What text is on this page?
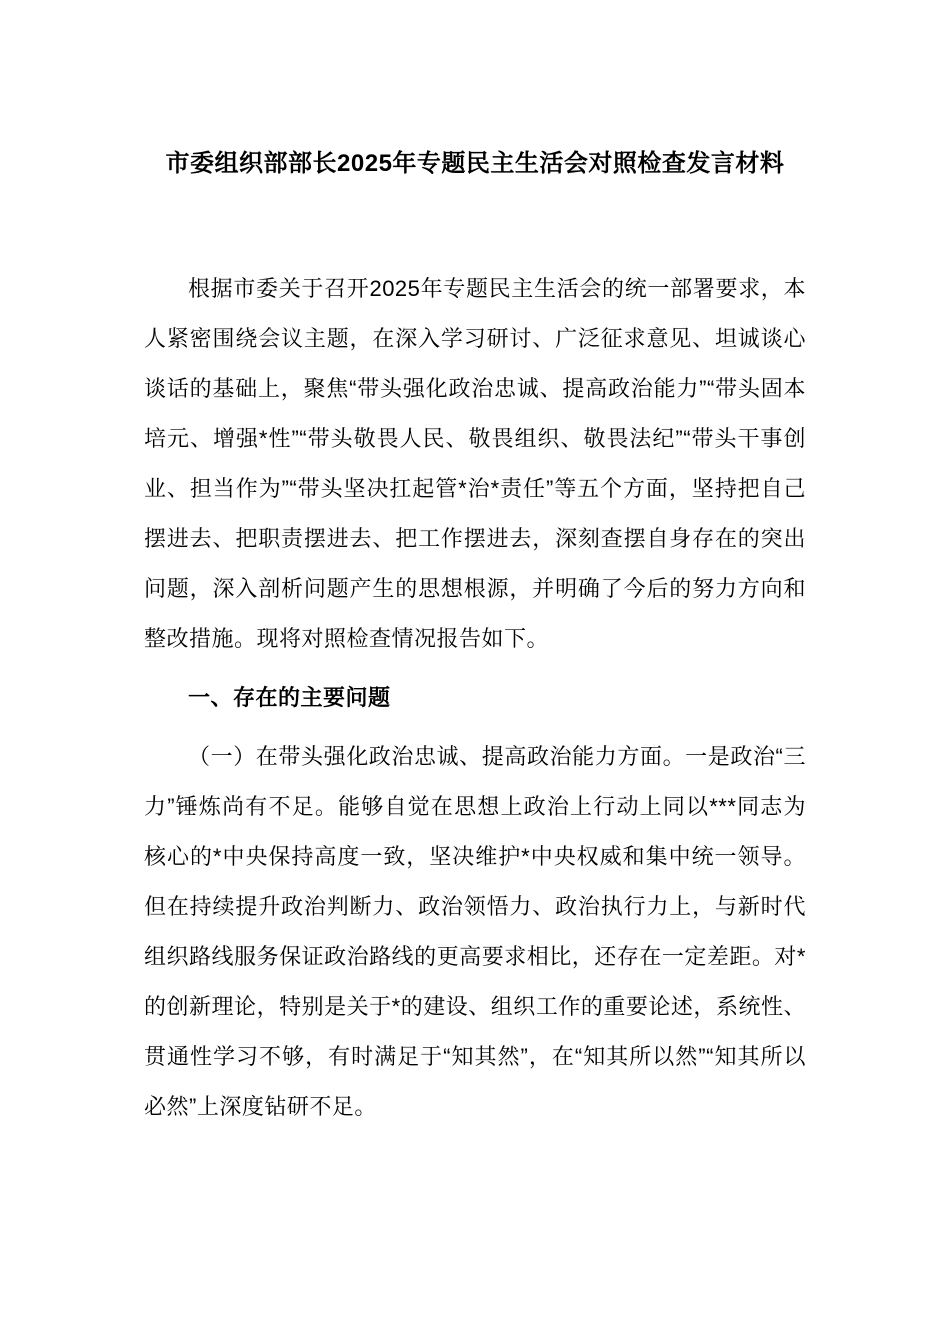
市委组织部部长2025年专题民主生活会对照检查发言材料

根据市委关于召开2025年专题民主生活会的统一部署要求，本人紧密围绕会议主题，在深入学习研讨、广泛征求意见、坦诚谈心谈话的基础上，聚焦“带头强化政治忠诚、提高政治能力”“带头固本培元、增强*性”“带头敬畏人民、敬畏组织、敬畏法纪”“带头干事创业、担当作为”“带头坚决扛起管*治*责任”等五个方面，坚持把自己摆进去、把职责摆进去、把工作摆进去，深刻查摆自身存在的突出问题，深入剖析问题产生的思想根源，并明确了今后的努力方向和整改措施。现将对照检查情况报告如下。

一、存在的主要问题

（一）在带头强化政治忠诚、提高政治能力方面。一是政治“三力”锤炼尚有不足。能够自觉在思想上政治上行动上同以***同志为核心的*中央保持高度一致，坚决维护*中央权威和集中统一领导。但在持续提升政治判断力、政治领悟力、政治执行力上，与新时代组织路线服务保证政治路线的更高要求相比，还存在一定差距。对*的创新理论，特别是关于*的建设、组织工作的重要论述，系统性、贯通性学习不够，有时满足于“知其然”，在“知其所以然”“知其所以必然”上深度钻研不足。
